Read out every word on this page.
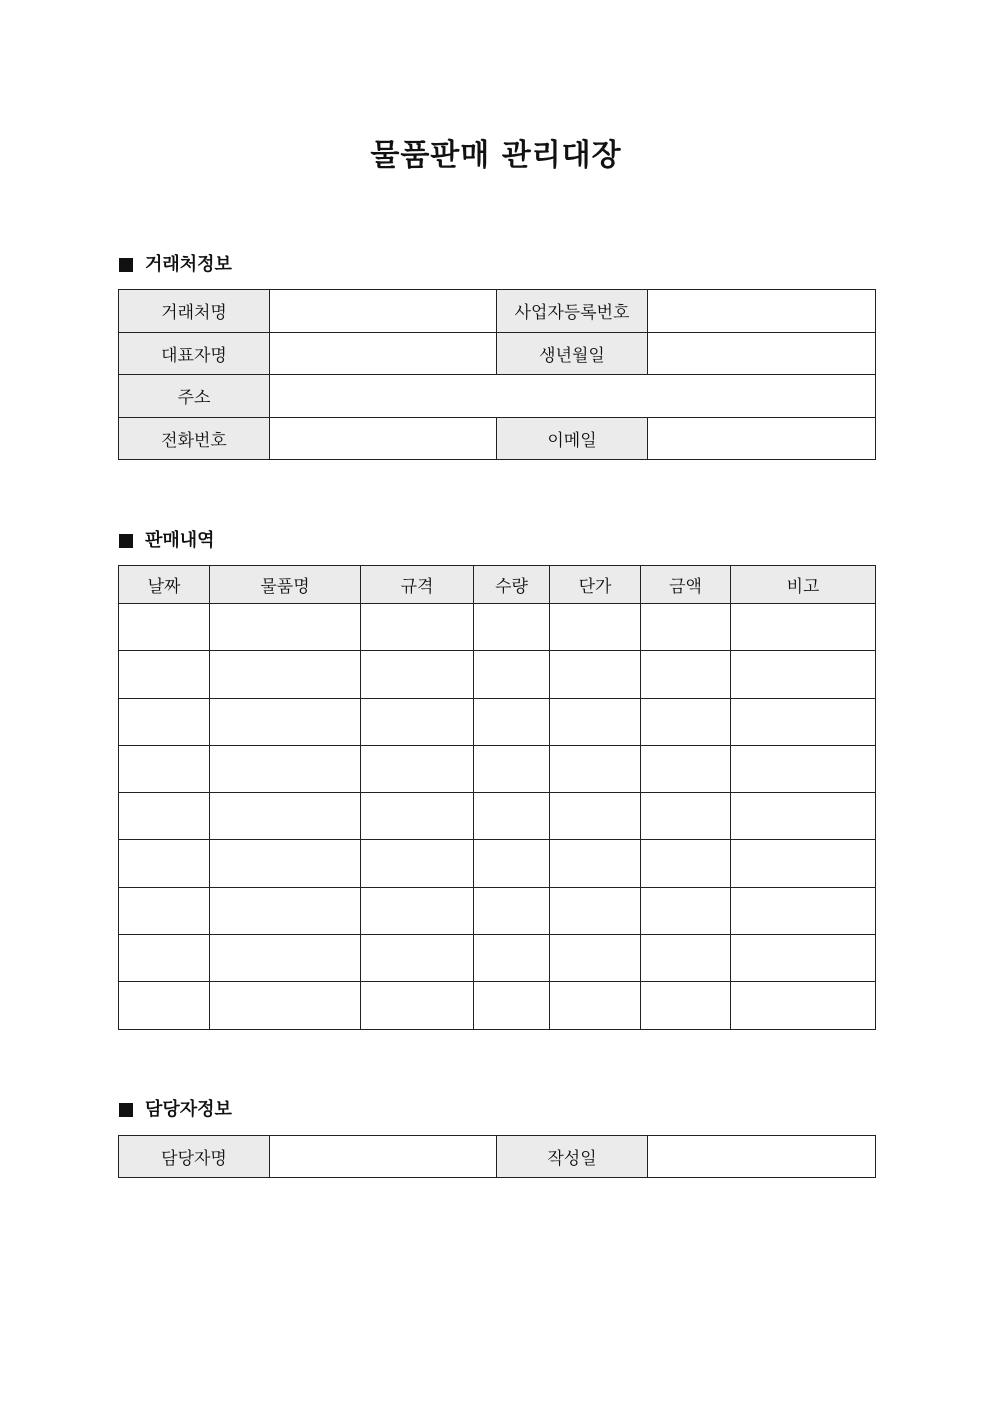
물품판매 관리대장
거래처정보
거래처명		사업자등록번호	
대표자명		생년월일	
주소			
전화번호		이메일	
판매내역
날짜	물품명	규격	수량	단가	금액	비고

담당자정보
담당자명		작성일	
